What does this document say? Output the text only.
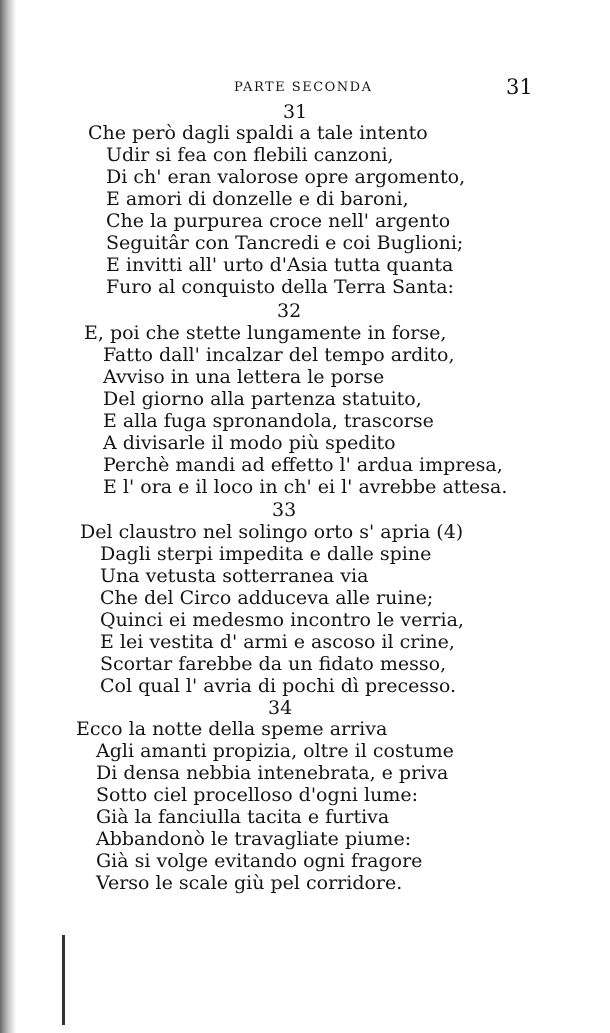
PARTE SECONDA	31
31
Che però dagli spaldi a tale intento
Udir si fea con flebili canzoni,
Di ch' eran valorose opre argomento,
E amori di donzelle e di baroni,
Che la purpurea croce nell' argento
Seguitâr con Tancredi e coi Buglioni;
E invitti all' urto d'Asia tutta quanta
Furo al conquisto della Terra Santa:
32
E, poi che stette lungamente in forse,
Fatto dall' incalzar del tempo ardito,
Avviso in una lettera le porse
Del giorno alla partenza statuito,
E alla fuga spronandola, trascorse
A divisarle il modo più spedito
Perchè mandi ad effetto l' ardua impresa,
E l' ora e il loco in ch' ei l' avrebbe attesa.
33
Del claustro nel solingo orto s' apria (4)
Dagli sterpi impedita e dalle spine
Una vetusta sotterranea via
Che del Circo adduceva alle ruine;
Quinci ei medesmo incontro le verria,
E lei vestita d' armi e ascoso il crine,
Scortar farebbe da un fidato messo,
Col qual l' avria di pochi dì precesso.
34
Ecco la notte della speme arriva
Agli amanti propizia, oltre il costume
Di densa nebbia intenebrata, e priva
Sotto ciel procelloso d'ogni lume:
Già la fanciulla tacita e furtiva
Abbandonò le travagliate piume:
Già si volge evitando ogni fragore
Verso le scale giù pel corridore.
